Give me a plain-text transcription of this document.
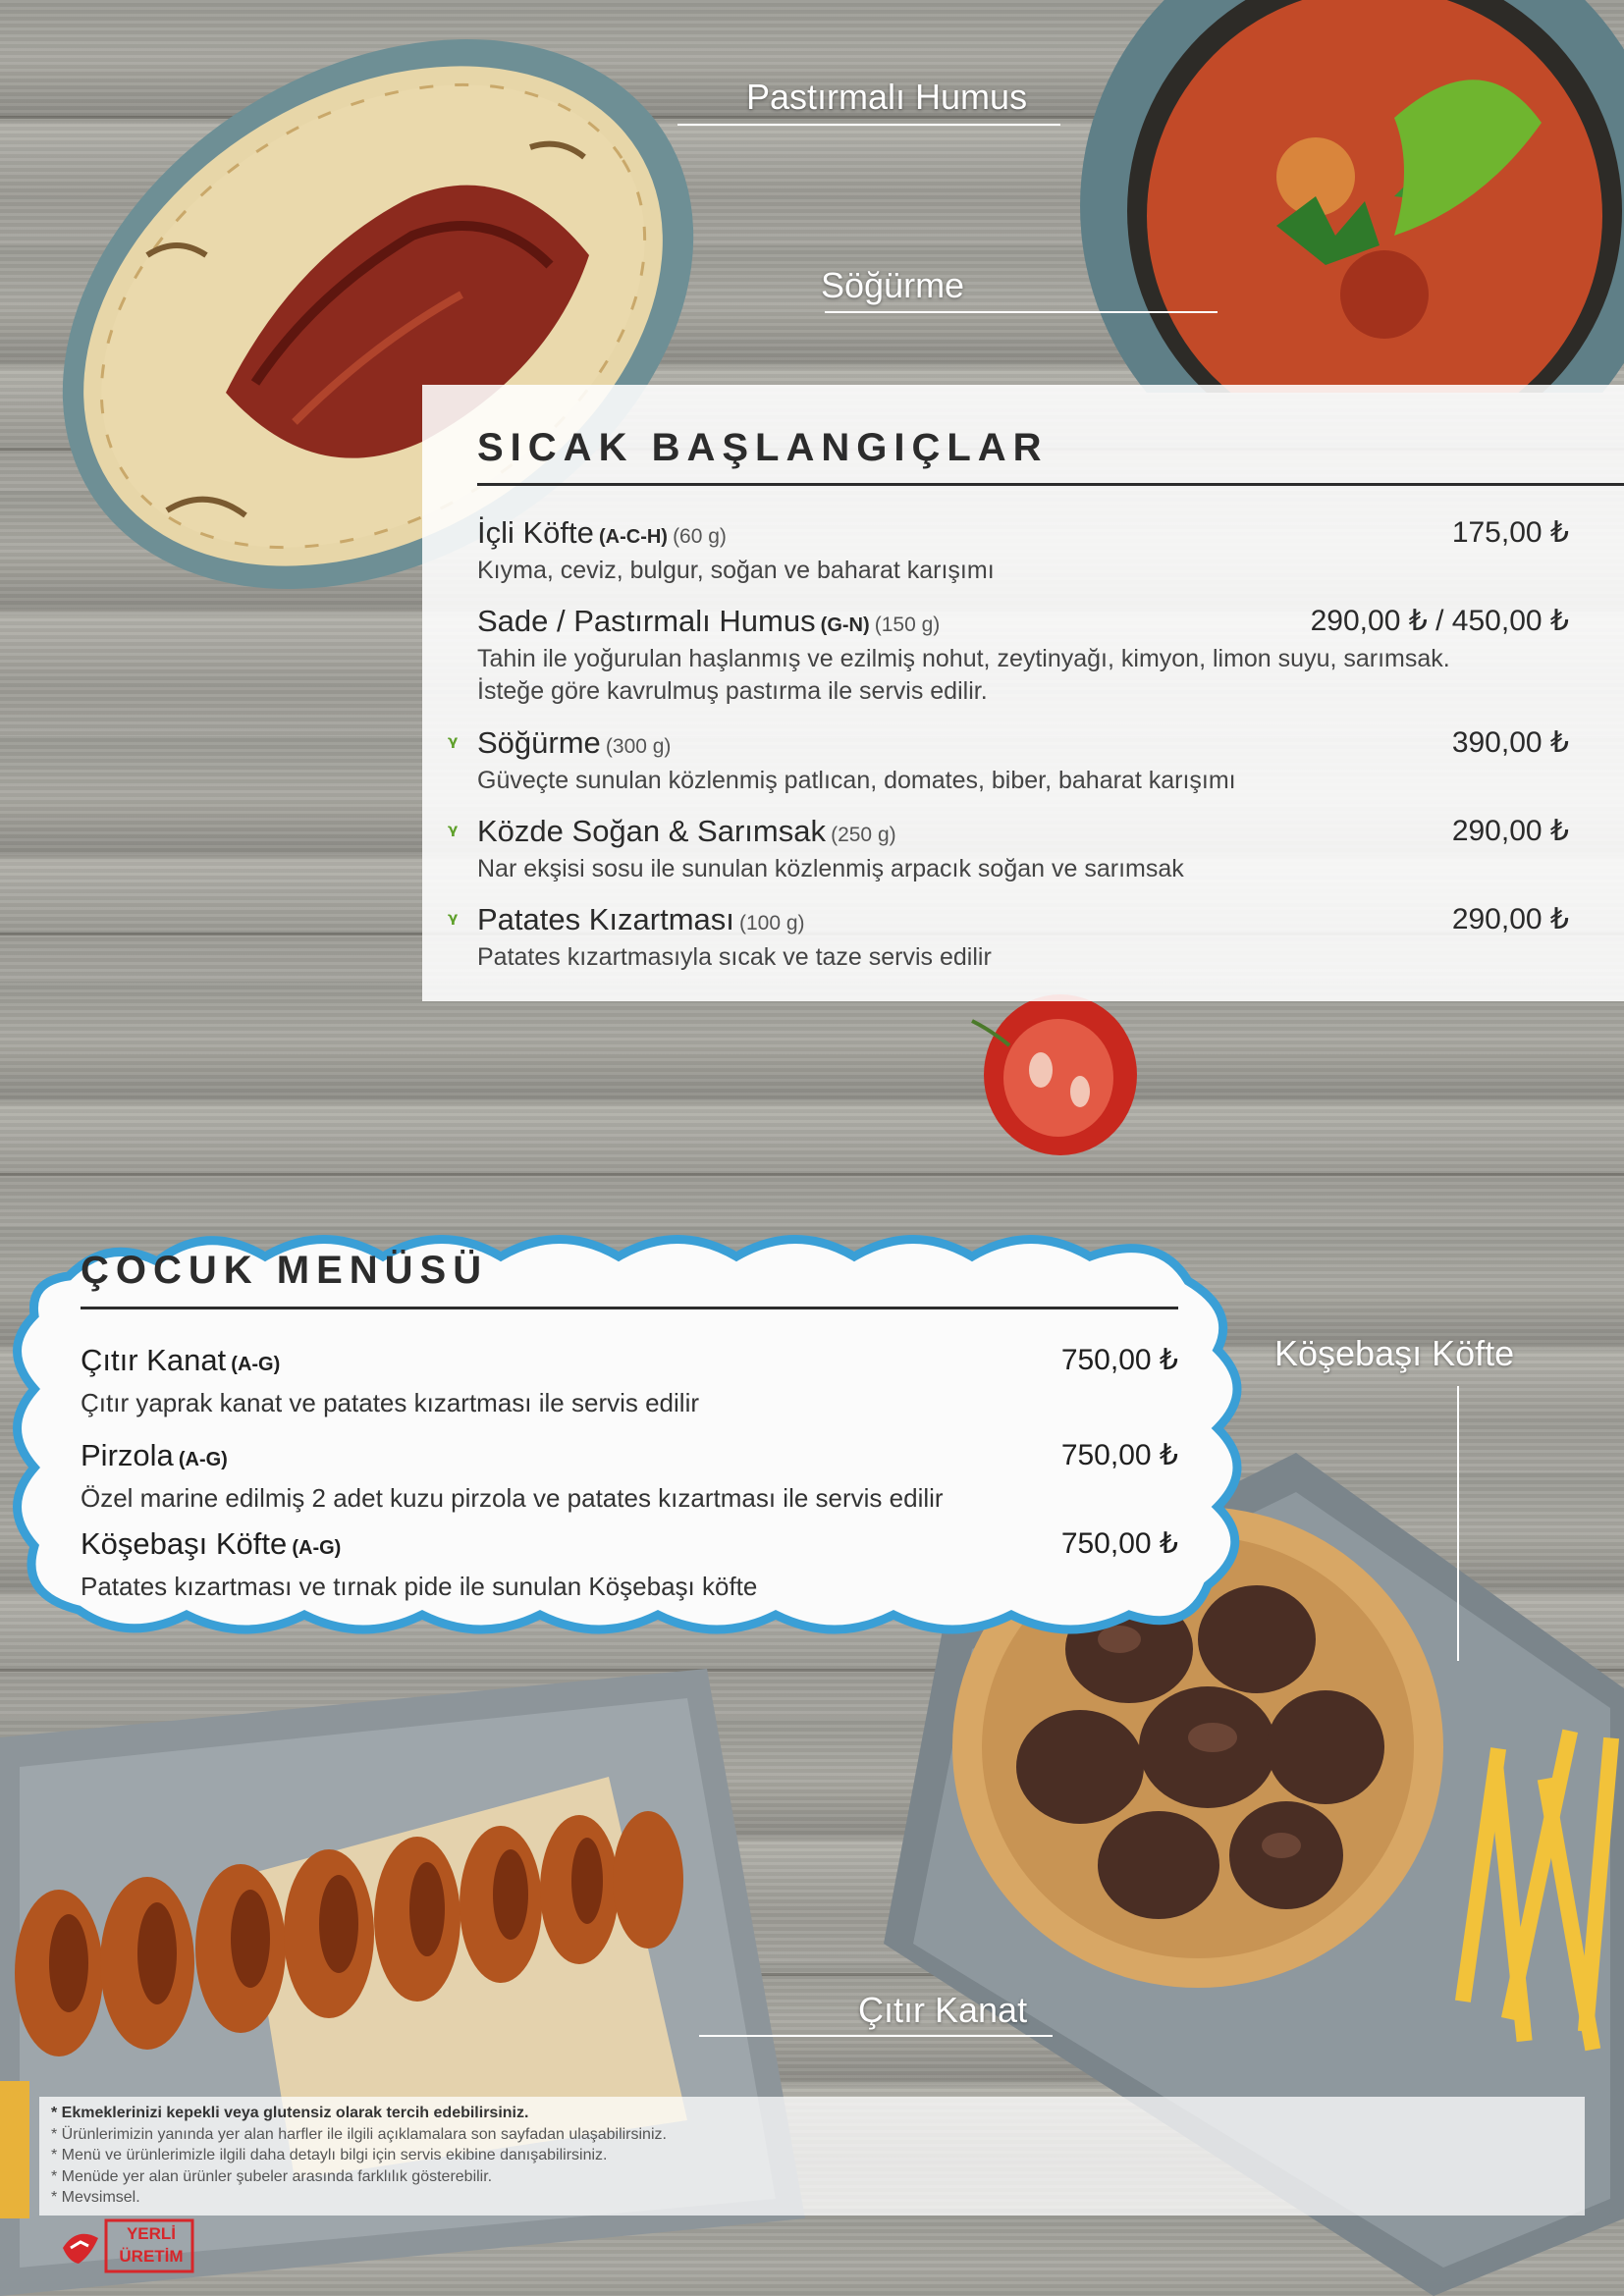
Pastırmalı Humus
Söğürme
Köşebaşı Köfte
Çıtır Kanat
SICAK BAŞLANGIÇLAR
İçli Köfte (A-C-H) (60 g)	175,00 ₺
Kıyma, ceviz, bulgur, soğan ve baharat karışımı
Sade / Pastırmalı Humus (G-N) (150 g)	290,00 ₺ / 450,00 ₺
Tahin ile yoğurulan haşlanmış ve ezilmiş nohut, zeytinyağı, kimyon, limon suyu, sarımsak. İsteğe göre kavrulmuş pastırma ile servis edilir.
ᵞ Söğürme (300 g)	390,00 ₺
Güveçte sunulan közlenmiş patlıcan, domates, biber, baharat karışımı
ᵞ Közde Soğan & Sarımsak (250 g)	290,00 ₺
Nar ekşisi sosu ile sunulan közlenmiş arpacık soğan ve sarımsak
ᵞ Patates Kızartması (100 g)	290,00 ₺
Patates kızartmasıyla sıcak ve taze servis edilir
ÇOCUK MENÜSÜ
Çıtır Kanat (A-G)	750,00 ₺
Çıtır yaprak kanat ve patates kızartması ile servis edilir
Pirzola (A-G)	750,00 ₺
Özel marine edilmiş 2 adet kuzu pirzola ve patates kızartması ile servis edilir
Köşebaşı Köfte (A-G)	750,00 ₺
Patates kızartması ve tırnak pide ile sunulan Köşebaşı köfte
* Ekmeklerinizi kepekli veya glutensiz olarak tercih edebilirsiniz.
* Ürünlerimizin yanında yer alan harfler ile ilgili açıklamalara son sayfadan ulaşabilirsiniz.
* Menü ve ürünlerimizle ilgili daha detaylı bilgi için servis ekibine danışabilirsiniz.
* Menüde yer alan ürünler şubeler arasında farklılık gösterebilir.
* Mevsimsel.
YERLİ
ÜRETİM
